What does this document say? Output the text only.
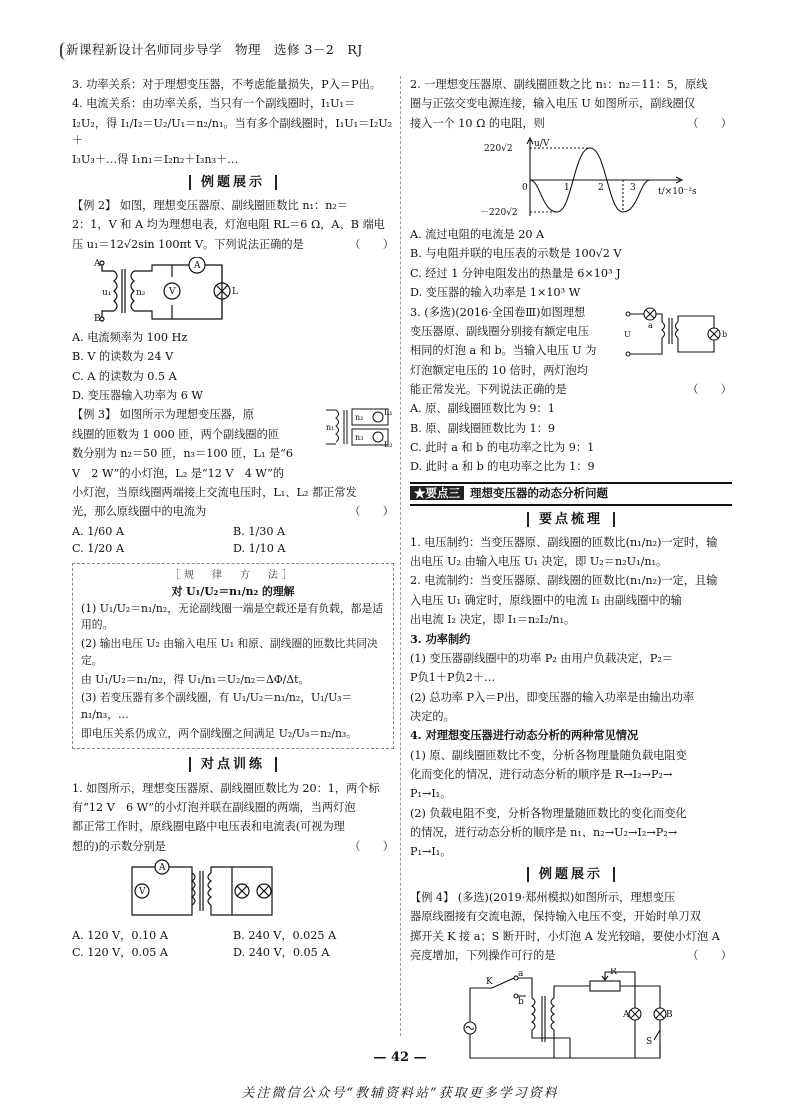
新课程新设计名师同步导学　物理　选修 3－2　RJ

3. 功率关系：对于理想变压器，不考虑能量损失，P入＝P出。

4. 电流关系：由功率关系，当只有一个副线圈时，I₁U₁＝

I₂U₂，得 I₁/I₂＝U₂/U₁＝n₂/n₁。当有多个副线圈时，I₁U₁＝I₂U₂＋

I₃U₃＋…得 I₁n₁＝I₂n₂＋I₃n₃＋…

例题展示

【例 2】 如图，理想变压器原、副线圈匝数比 n₁：n₂＝

2：1，V 和 A 均为理想电表，灯泡电阻 RL＝6 Ω，A、B 端电

压 u₁＝12√2sin 100πt V。下列说法正确的是	（　　）

A
B
u₁	n₂	V
A
L

A. 电流频率为 100 Hz

B. V 的读数为 24 V

C. A 的读数为 0.5 A

D. 变压器输入功率为 6 W

n₁
n₂
n₃
L₁
L₂

【例 3】 如图所示为理想变压器，原

线圈的匝数为 1 000 匝，两个副线圈的匝

数分别为 n₂＝50 匝，n₃＝100 匝，L₁ 是“6

V　2 W”的小灯泡，L₂ 是“12 V　4 W”的

小灯泡，当原线圈两端接上交流电压时，L₁、L₂ 都正常发

光，那么原线圈中的电流为	（　　）

A. 1/60 A	B. 1/30 A
C. 1/20 A	D. 1/10 A
［规　律　方　法］
对 U₁/U₂＝n₁/n₂ 的理解

(1) U₁/U₂＝n₁/n₂，无论副线圈一端是空载还是有负载，都是适用的。

(2) 输出电压 U₂ 由输入电压 U₁ 和原、副线圈的匝数比共同决定。

由 U₁/U₂＝n₁/n₂，得 U₁/n₁＝U₂/n₂＝ΔΦ/Δt。

(3) 若变压器有多个副线圈，有 U₁/U₂＝n₁/n₂，U₁/U₃＝n₁/n₃，…

即电压关系仍成立，两个副线圈之间满足 U₂/U₃＝n₂/n₃。

对点训练

1. 如图所示，理想变压器原、副线圈匝数比为 20：1，两个标

有“12 V　6 W”的小灯泡并联在副线圈的两端，当两灯泡

都正常工作时，原线圈电路中电压表和电流表(可视为理

想的)的示数分别是	（　　）

A
V
A. 120 V，0.10 A	B. 240 V，0.025 A
C. 120 V，0.05 A	D. 240 V，0.05 A

2. 一理想变压器原、副线圈匝数之比 n₁：n₂＝11：5，原线

圈与正弦交变电源连接，输入电压 U 如图所示，副线圈仅

接入一个 10 Ω 的电阻，则	（　　）

u/V
220√2
－220√2
0	1	2	3 t/×10⁻²s

A. 流过电阻的电流是 20 A

B. 与电阻并联的电压表的示数是 100√2 V

C. 经过 1 分钟电阻发出的热量是 6×10³ J

D. 变压器的输入功率是 1×10³ W

U
a
b

3. (多选)(2016·全国卷Ⅲ)如图理想

变压器原、副线圈分别接有额定电压

相同的灯泡 a 和 b。当输入电压 U 为

灯泡额定电压的 10 倍时，两灯泡均

能正常发光。下列说法正确的是	（　　）

A. 原、副线圈匝数比为 9：1

B. 原、副线圈匝数比为 1：9

C. 此时 a 和 b 的电功率之比为 9：1

D. 此时 a 和 b 的电功率之比为 1：9

★要点三 理想变压器的动态分析问题
要点梳理

1. 电压制约：当变压器原、副线圈的匝数比(n₁/n₂)一定时，输

出电压 U₂ 由输入电压 U₁ 决定，即 U₂＝n₂U₁/n₁。

2. 电流制约：当变压器原、副线圈的匝数比(n₁/n₂)一定，且输

入电压 U₁ 确定时，原线圈中的电流 I₁ 由副线圈中的输

出电流 I₂ 决定，即 I₁＝n₂I₂/n₁。

3. 功率制约

(1) 变压器副线圈中的功率 P₂ 由用户负载决定，P₂＝

P负1＋P负2＋…

(2) 总功率 P入＝P出，即变压器的输入功率是由输出功率

决定的。

4. 对理想变压器进行动态分析的两种常见情况

(1) 原、副线圈匝数比不变，分析各物理量随负载电阻变

化而变化的情况，进行动态分析的顺序是 R→I₂→P₂→

P₁→I₁。

(2) 负载电阻不变，分析各物理量随匝数比的变化而变化

的情况，进行动态分析的顺序是 n₁、n₂→U₂→I₂→P₂→

P₁→I₁。

例题展示

【例 4】 (多选)(2019·郑州模拟)如图所示，理想变压

器原线圈接有交流电源，保持输入电压不变，开始时单刀双

掷开关 K 接 a；S 断开时，小灯泡 A 发光较暗，要使小灯泡 A

亮度增加，下列操作可行的是	（　　）

K
a
b
R
A	B
S
— 42 —
关注微信公众号“教辅资料站”获取更多学习资料
